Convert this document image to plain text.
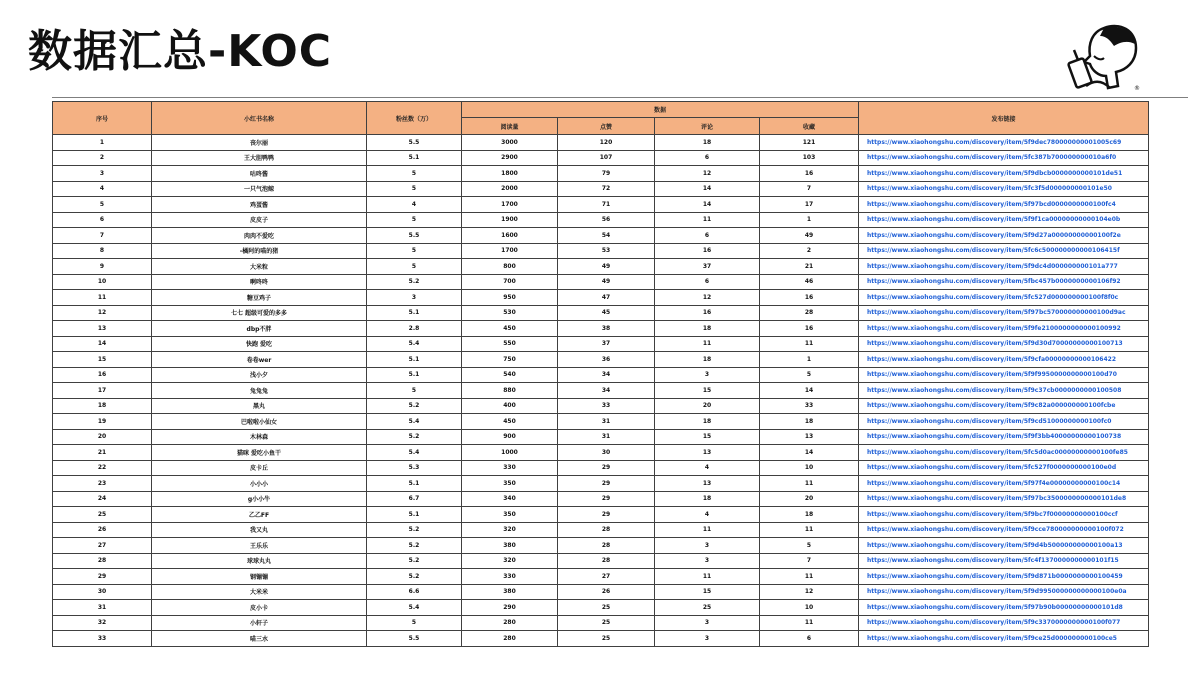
数据汇总-KOC
®
序号	小红书名称	粉丝数（万）	数据				发布链接
			阅读量	点赞	评论	收藏	
1	丧尔丽	5.5	3000	120	18	121	https://www.xiaohongshu.com/discovery/item/5f9dec780000000001005c69
2	王大胆鸭鸭	5.1	2900	107	6	103	https://www.xiaohongshu.com/discovery/item/5fc387b700000000010a6f0
3	咕咚酱	5	1800	79	12	16	https://www.xiaohongshu.com/discovery/item/5f9dbcb0000000000101de51
4	一只气泡鲸	5	2000	72	14	7	https://www.xiaohongshu.com/discovery/item/5fc3f5d000000000101e50
5	鸡蛋酱	4	1700	71	14	17	https://www.xiaohongshu.com/discovery/item/5f97bcd0000000000100fc4
6	皮皮子	5	1900	56	11	1	https://www.xiaohongshu.com/discovery/item/5f9f1ca00000000000104e0b
7	肉肉不爱吃	5.5	1600	54	6	49	https://www.xiaohongshu.com/discovery/item/5f9d27a00000000000100f2e
8	-橘阿的喵的猪	5	1700	53	16	2	https://www.xiaohongshu.com/discovery/item/5fc6c500000000000106415f
9	大米粒	5	800	49	37	21	https://www.xiaohongshu.com/discovery/item/5f9dc4d000000000101a777
10	啊咚咚	5.2	700	49	6	46	https://www.xiaohongshu.com/discovery/item/5fbc457b0000000000106f92
11	糖豆鸡子	3	950	47	12	16	https://www.xiaohongshu.com/discovery/item/5fc527d000000000100f8f0c
12	七七 超级可爱的多多	5.1	530	45	16	28	https://www.xiaohongshu.com/discovery/item/5f97bc570000000000100d9ac
13	dbp不胖	2.8	450	38	18	16	https://www.xiaohongshu.com/discovery/item/5f9fe2100000000000100992
14	快跑 爱吃	5.4	550	37	11	11	https://www.xiaohongshu.com/discovery/item/5f9d30d70000000000100713
15	卷卷wer	5.1	750	36	18	1	https://www.xiaohongshu.com/discovery/item/5f9cfa00000000000106422
16	浅小夕	5.1	540	34	3	5	https://www.xiaohongshu.com/discovery/item/5f9f9950000000000100d70
17	兔兔兔	5	880	34	15	14	https://www.xiaohongshu.com/discovery/item/5f9c37cb0000000000100508
18	黑丸	5.2	400	33	20	33	https://www.xiaohongshu.com/discovery/item/5f9c82a000000000100fcbe
19	巴啦啦小仙女	5.4	450	31	18	18	https://www.xiaohongshu.com/discovery/item/5f9cd51000000000100fc0
20	木林森	5.2	900	31	15	13	https://www.xiaohongshu.com/discovery/item/5f9f3bb40000000000100738
21	猫咪 爱吃小鱼干	5.4	1000	30	13	14	https://www.xiaohongshu.com/discovery/item/5fc5d0ac00000000000100fe85
22	皮卡丘	5.3	330	29	4	10	https://www.xiaohongshu.com/discovery/item/5fc527f0000000000100e0d
23	小小小	5.1	350	29	13	11	https://www.xiaohongshu.com/discovery/item/5f97f4e00000000000100c14
24	g小小牛	6.7	340	29	18	20	https://www.xiaohongshu.com/discovery/item/5f97bc3500000000000101de8
25	乙乙FF	5.1	350	29	4	18	https://www.xiaohongshu.com/discovery/item/5f9bc7f00000000000100ccf
26	我又丸	5.2	320	28	11	11	https://www.xiaohongshu.com/discovery/item/5f9cce780000000000100f072
27	王乐乐	5.2	380	28	3	5	https://www.xiaohongshu.com/discovery/item/5f9d4b500000000000100a13
28	球球丸丸	5.2	320	28	3	7	https://www.xiaohongshu.com/discovery/item/5fc4f1370000000000101f15
29	钢镚镚	5.2	330	27	11	11	https://www.xiaohongshu.com/discovery/item/5f9d871b0000000000100459
30	大米米	6.6	380	26	15	12	https://www.xiaohongshu.com/discovery/item/5f9d995000000000000100e0a
31	皮小卡	5.4	290	25	25	10	https://www.xiaohongshu.com/discovery/item/5f97b90b00000000000101d8
32	小轩子	5	280	25	3	11	https://www.xiaohongshu.com/discovery/item/5f9c3370000000000100f077
33	喵三水	5.5	280	25	3	6	https://www.xiaohongshu.com/discovery/item/5f9ce25d000000000100ce5
